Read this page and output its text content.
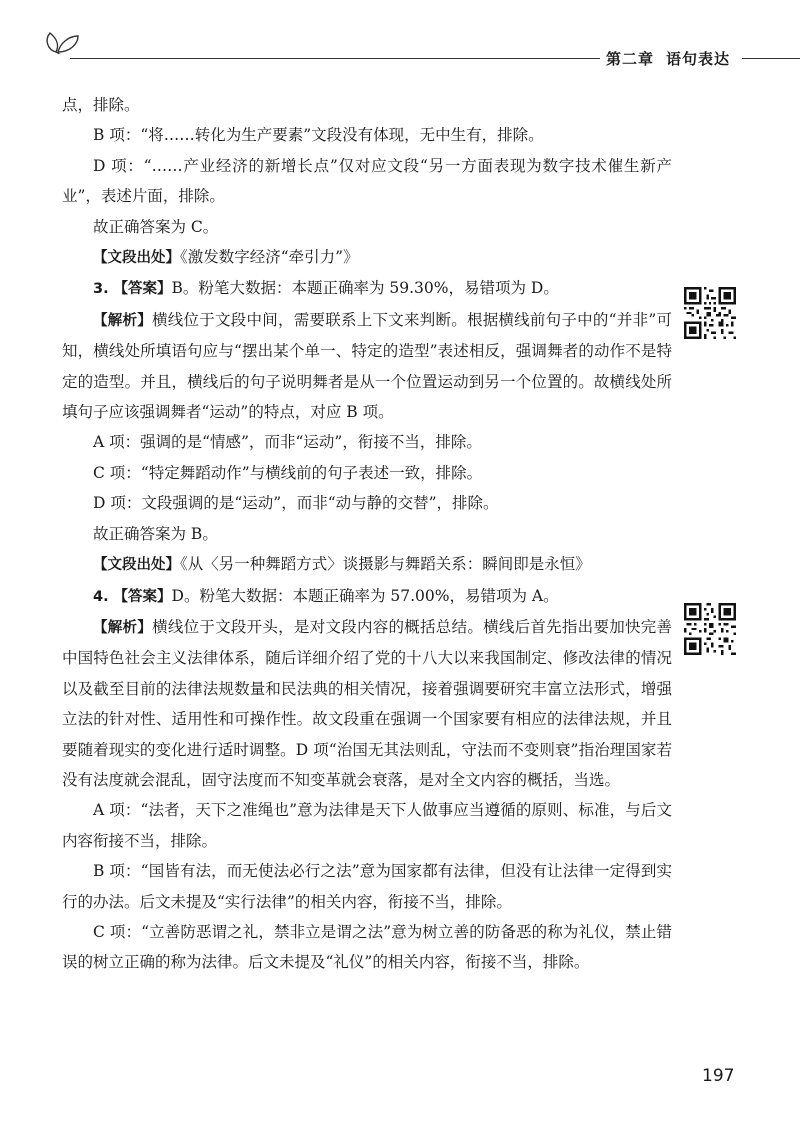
第二章 语句表达

点，排除。

B 项：“将……转化为生产要素”文段没有体现，无中生有，排除。

D 项：“……产业经济的新增长点”仅对应文段“另一方面表现为数字技术催生新产业”，表述片面，排除。

故正确答案为 C。

【文段出处】《激发数字经济“牵引力”》

3. 【答案】B。粉笔大数据：本题正确率为 59.30%，易错项为 D。

【解析】横线位于文段中间，需要联系上下文来判断。根据横线前句子中的“并非”可知，横线处所填语句应与“摆出某个单一、特定的造型”表述相反，强调舞者的动作不是特定的造型。并且，横线后的句子说明舞者是从一个位置运动到另一个位置的。故横线处所填句子应该强调舞者“运动”的特点，对应 B 项。

A 项：强调的是“情感”，而非“运动”，衔接不当，排除。

C 项：“特定舞蹈动作”与横线前的句子表述一致，排除。

D 项：文段强调的是“运动”，而非“动与静的交替”，排除。

故正确答案为 B。

【文段出处】《从〈另一种舞蹈方式〉谈摄影与舞蹈关系：瞬间即是永恒》

4. 【答案】D。粉笔大数据：本题正确率为 57.00%，易错项为 A。

【解析】横线位于文段开头，是对文段内容的概括总结。横线后首先指出要加快完善中国特色社会主义法律体系，随后详细介绍了党的十八大以来我国制定、修改法律的情况以及截至目前的法律法规数量和民法典的相关情况，接着强调要研究丰富立法形式，增强立法的针对性、适用性和可操作性。故文段重在强调一个国家要有相应的法律法规，并且要随着现实的变化进行适时调整。D 项“治国无其法则乱，守法而不变则衰”指治理国家若没有法度就会混乱，固守法度而不知变革就会衰落，是对全文内容的概括，当选。

A 项：“法者，天下之准绳也”意为法律是天下人做事应当遵循的原则、标准，与后文内容衔接不当，排除。

B 项：“国皆有法，而无使法必行之法”意为国家都有法律，但没有让法律一定得到实行的办法。后文未提及“实行法律”的相关内容，衔接不当，排除。

C 项：“立善防恶谓之礼，禁非立是谓之法”意为树立善的防备恶的称为礼仪，禁止错误的树立正确的称为法律。后文未提及“礼仪”的相关内容，衔接不当，排除。

197
